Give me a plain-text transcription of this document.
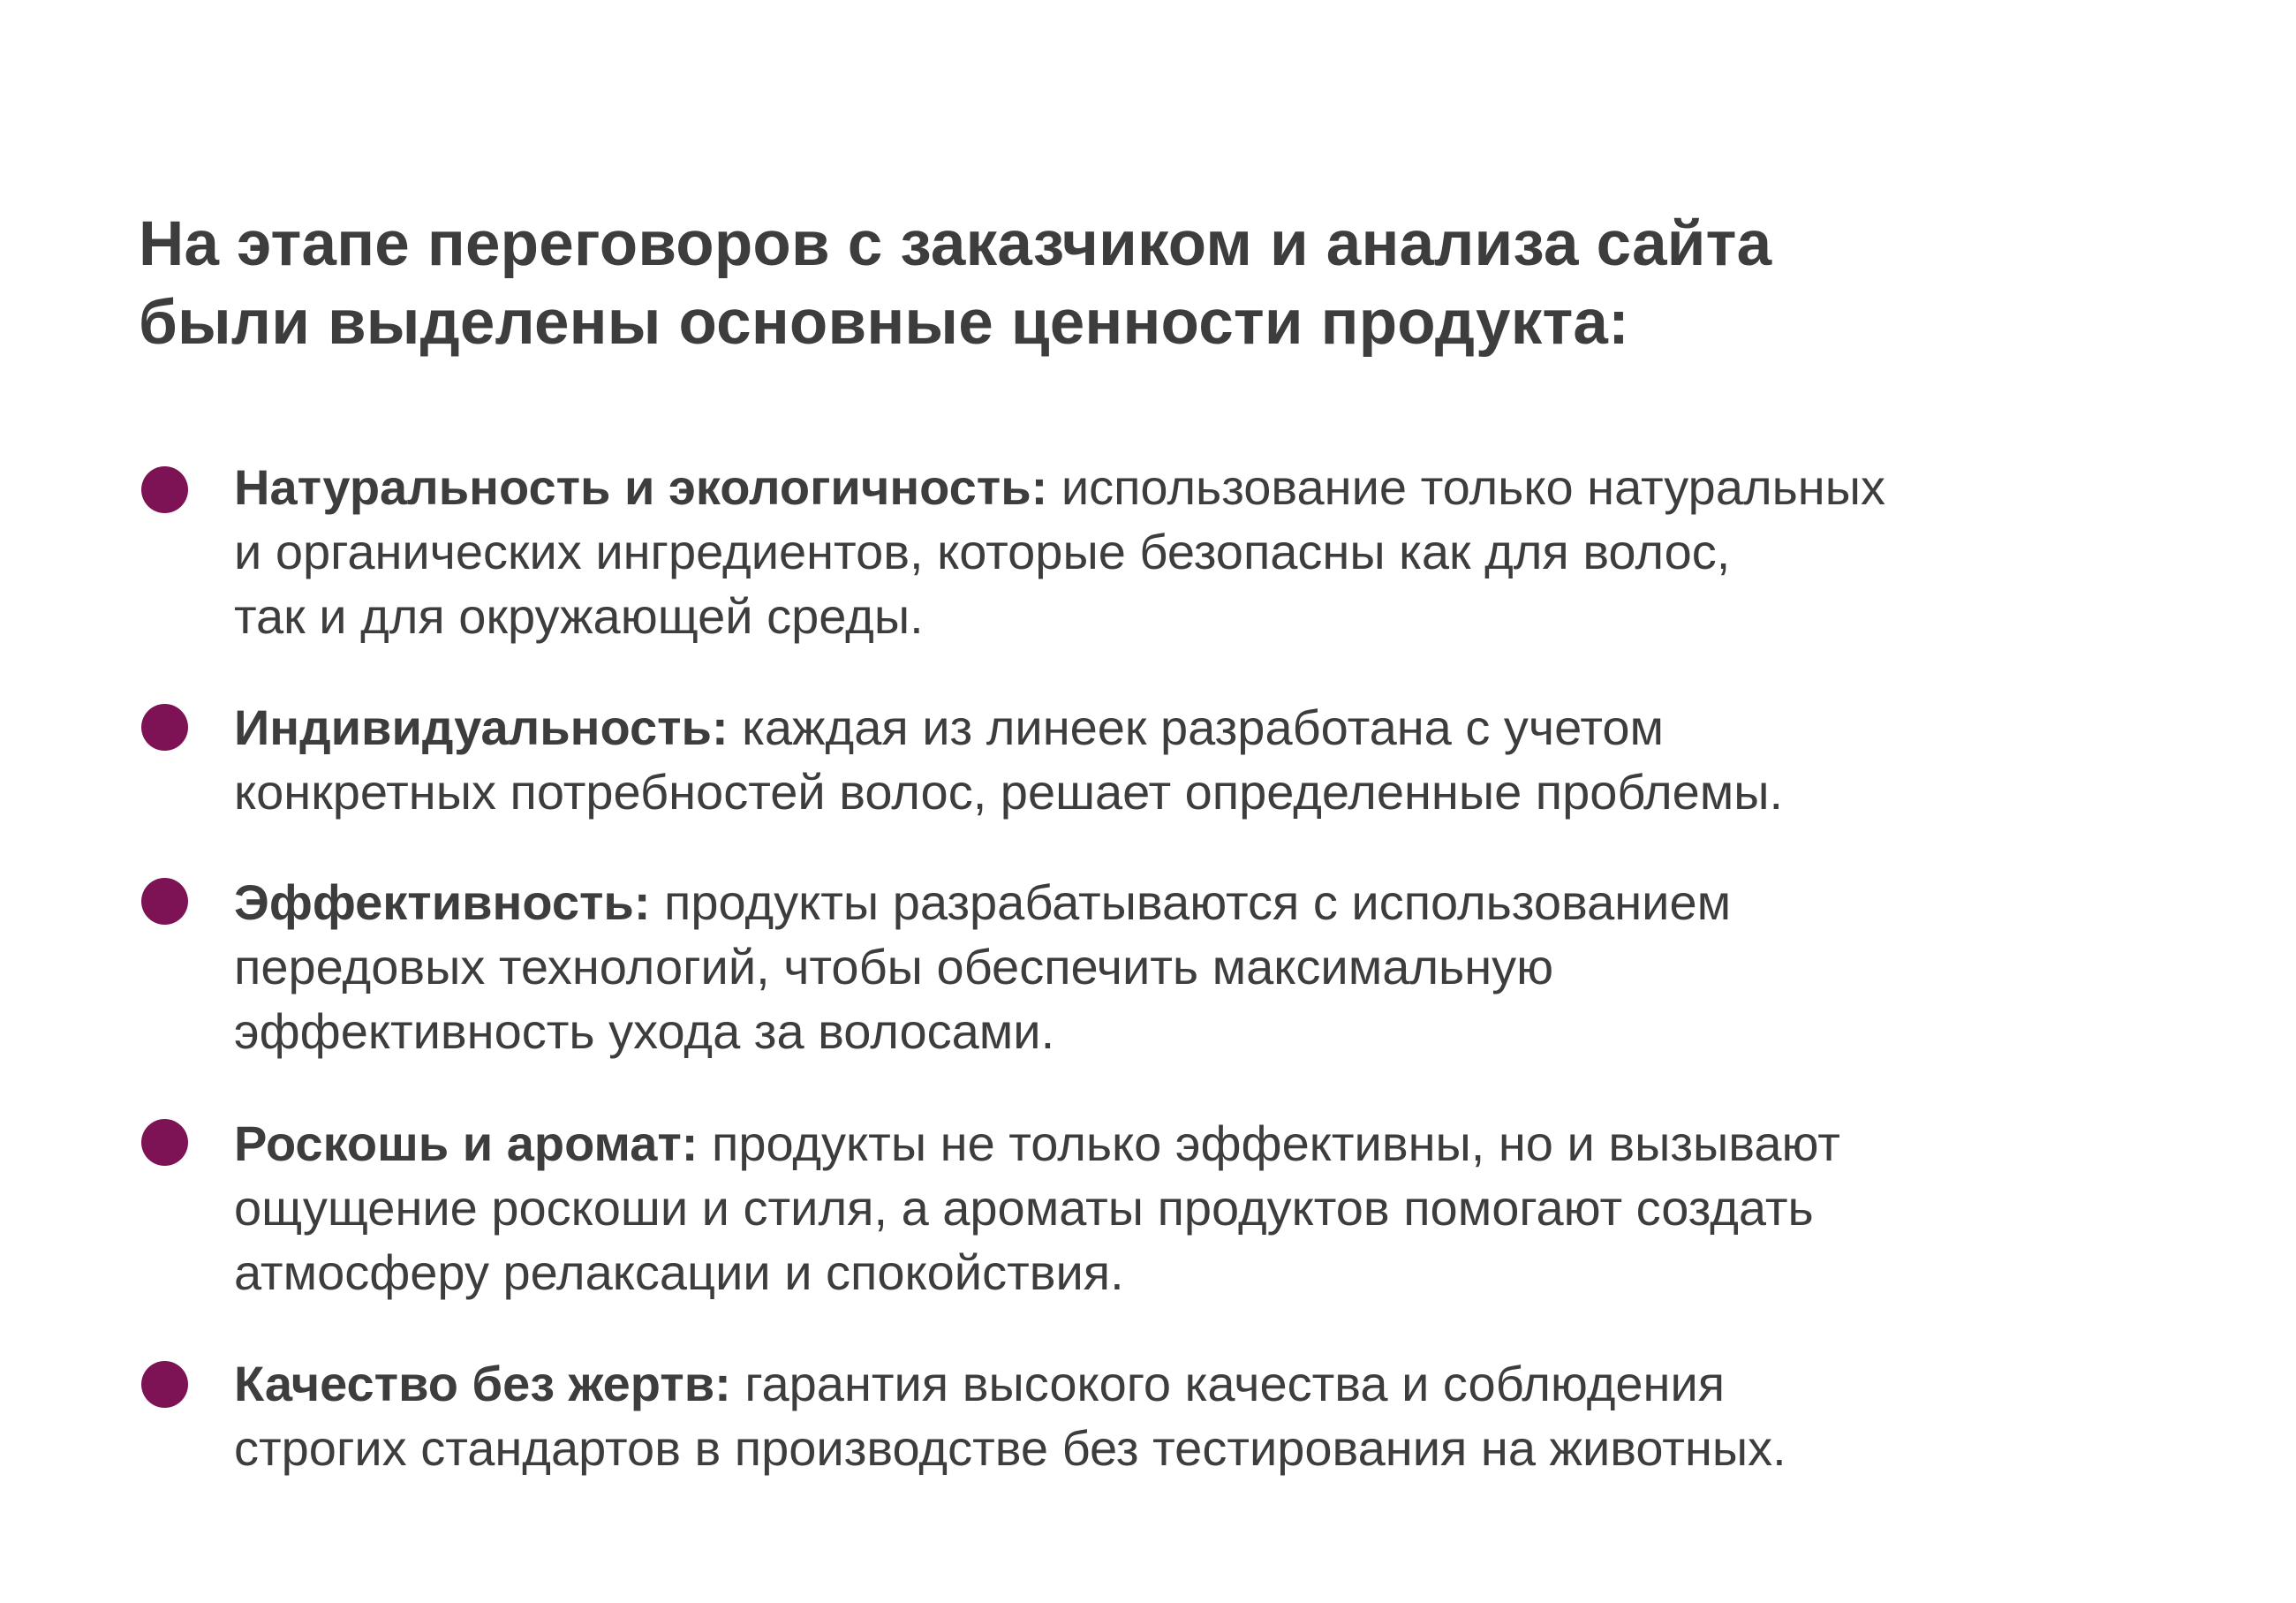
На этапе переговоров с заказчиком и анализа сайта
были выделены основные ценности продукта:
Натуральность и экологичность: использование только натуральных
и органических ингредиентов, которые безопасны как для волос,
так и для окружающей среды.
Индивидуальность: каждая из линеек разработана с учетом
конкретных потребностей волос, решает определенные проблемы.
Эффективность: продукты разрабатываются с использованием
передовых технологий, чтобы обеспечить максимальную
эффективность ухода за волосами.
Роскошь и аромат: продукты не только эффективны, но и вызывают
ощущение роскоши и стиля, а ароматы продуктов помогают создать
атмосферу релаксации и спокойствия.
Качество без жертв: гарантия высокого качества и соблюдения
строгих стандартов в производстве без тестирования на животных.
